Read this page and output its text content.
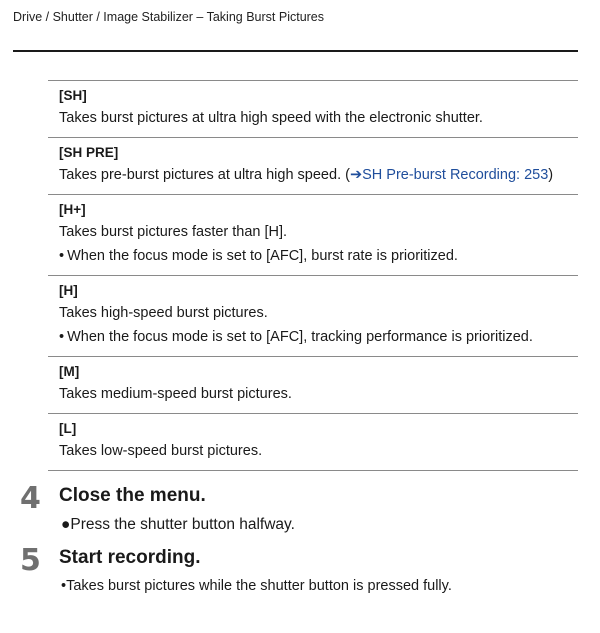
Drive / Shutter / Image Stabilizer – Taking Burst Pictures
[SH]
Takes burst pictures at ultra high speed with the electronic shutter.
[SH PRE]
Takes pre-burst pictures at ultra high speed. (➔SH Pre-burst Recording: 253)
[H+]
Takes burst pictures faster than [H].
• When the focus mode is set to [AFC], burst rate is prioritized.
[H]
Takes high-speed burst pictures.
• When the focus mode is set to [AFC], tracking performance is prioritized.
[M]
Takes medium-speed burst pictures.
[L]
Takes low-speed burst pictures.
4 Close the menu.
●Press the shutter button halfway.
5 Start recording.
•Takes burst pictures while the shutter button is pressed fully.
